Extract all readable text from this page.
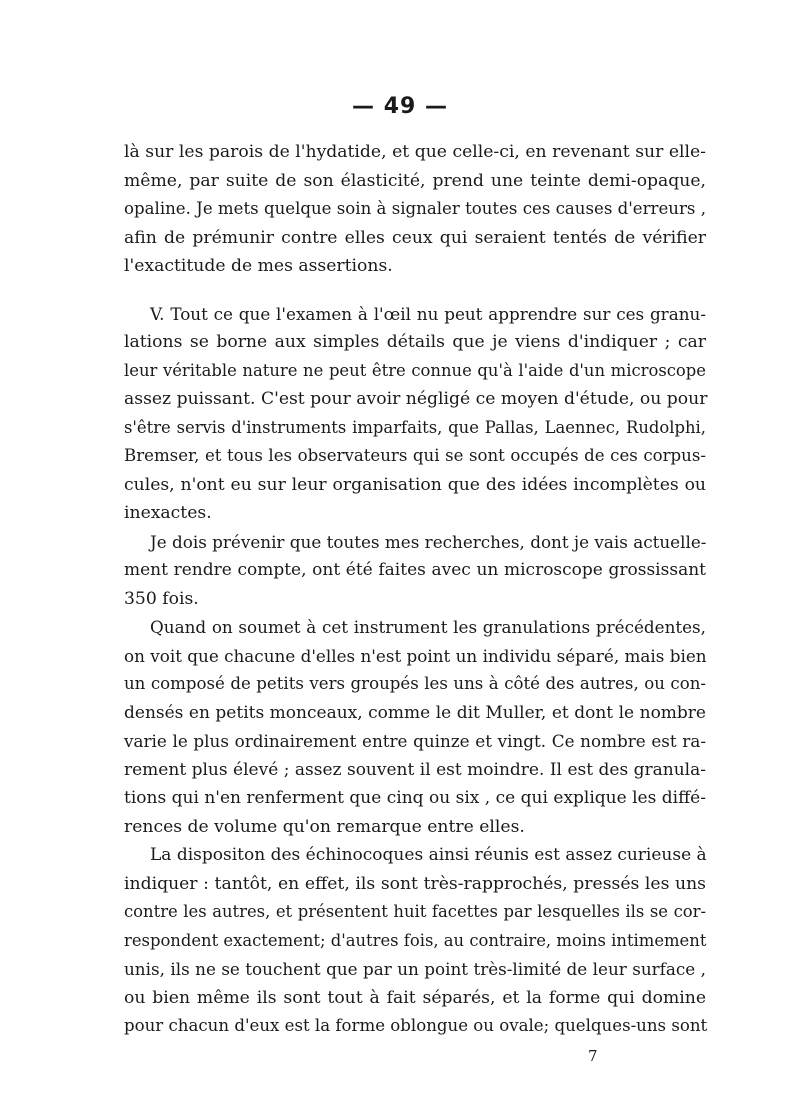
— 49 —
là sur les parois de l'hydatide, et que celle-ci, en revenant sur elle-
même, par suite de son élasticité, prend une teinte demi-opaque,
opaline. Je mets quelque soin à signaler toutes ces causes d'erreurs ,
afin de prémunir contre elles ceux qui seraient tentés de vérifier
l'exactitude de mes assertions.
V. Tout ce que l'examen à l'œil nu peut apprendre sur ces granu-
lations se borne aux simples détails que je viens d'indiquer ; car
leur véritable nature ne peut être connue qu'à l'aide d'un microscope
assez puissant. C'est pour avoir négligé ce moyen d'étude, ou pour
s'être servis d'instruments imparfaits, que Pallas, Laennec, Rudolphi,
Bremser, et tous les observateurs qui se sont occupés de ces corpus-
cules, n'ont eu sur leur organisation que des idées incomplètes ou
inexactes.
Je dois prévenir que toutes mes recherches, dont je vais actuelle-
ment rendre compte, ont été faites avec un microscope grossissant
350 fois.
Quand on soumet à cet instrument les granulations précédentes,
on voit que chacune d'elles n'est point un individu séparé, mais bien
un composé de petits vers groupés les uns à côté des autres, ou con-
densés en petits monceaux, comme le dit Muller, et dont le nombre
varie le plus ordinairement entre quinze et vingt. Ce nombre est ra-
rement plus élevé ; assez souvent il est moindre. Il est des granula-
tions qui n'en renferment que cinq ou six , ce qui explique les diffé-
rences de volume qu'on remarque entre elles.
La dispositon des échinocoques ainsi réunis est assez curieuse à
indiquer : tantôt, en effet, ils sont très-rapprochés, pressés les uns
contre les autres, et présentent huit facettes par lesquelles ils se cor-
respondent exactement; d'autres fois, au contraire, moins intimement
unis, ils ne se touchent que par un point très-limité de leur surface ,
ou bien même ils sont tout à fait séparés, et la forme qui domine
pour chacun d'eux est la forme oblongue ou ovale; quelques-uns sont
7
